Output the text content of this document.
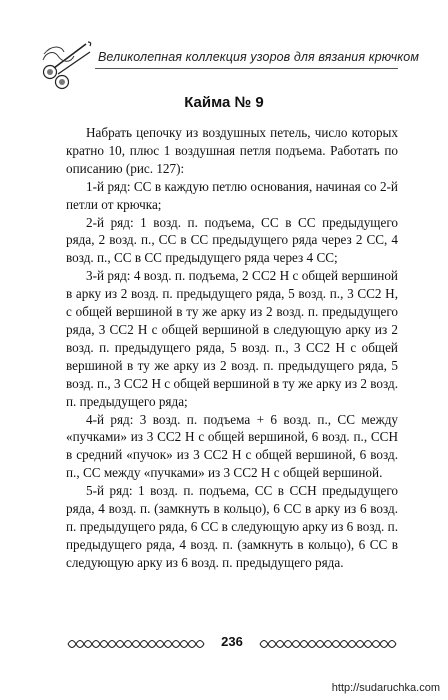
Великолепная коллекция узоров для вязания крючком
Кайма № 9

Набрать цепочку из воздушных петель, число которых кратно 10, плюс 1 воздушная петля подъема. Работать по описанию (рис. 127):

1-й ряд: СС в каждую петлю основания, начиная со 2-й петли от крючка;

2-й ряд: 1 возд. п. подъема, СС в СС предыдущего ряда, 2 возд. п., СС в СС предыдущего ряда через 2 СС, 4 возд. п., СС в СС предыдущего ряда через 4 СС;

3-й ряд: 4 возд. п. подъема, 2 СС2 Н с общей вершиной в арку из 2 возд. п. предыдущего ряда, 5 возд. п., 3 СС2 Н, с общей вершиной в ту же арку из 2 возд. п. предыдущего ряда, 3 СС2 Н с общей вершиной в следующую арку из 2 возд. п. предыдущего ряда, 5 возд. п., 3 СС2 Н с общей вершиной в ту же арку из 2 возд. п. предыдущего ряда, 5 возд. п., 3 СС2 Н с общей вершиной в ту же арку из 2 возд. п. предыдущего ряда;

4-й ряд: 3 возд. п. подъема + 6 возд. п., СС между «пучками» из 3 СС2 Н с общей вершиной, 6 возд. п., ССН в средний «пучок» из 3 СС2 Н с общей вершиной, 6 возд. п., СС между «пучками» из 3 СС2 Н с общей вершиной.

5-й ряд: 1 возд. п. подъема, СС в ССН предыдущего ряда, 4 возд. п. (замкнуть в кольцо), 6 СС в арку из 6 возд. п. предыдущего ряда, 6 СС в следующую арку из 6 возд. п. предыдущего ряда, 4 возд. п. (замкнуть в кольцо), 6 СС в следующую арку из 6 возд. п. предыдущего ряда.

236
http://sudaruchka.com
